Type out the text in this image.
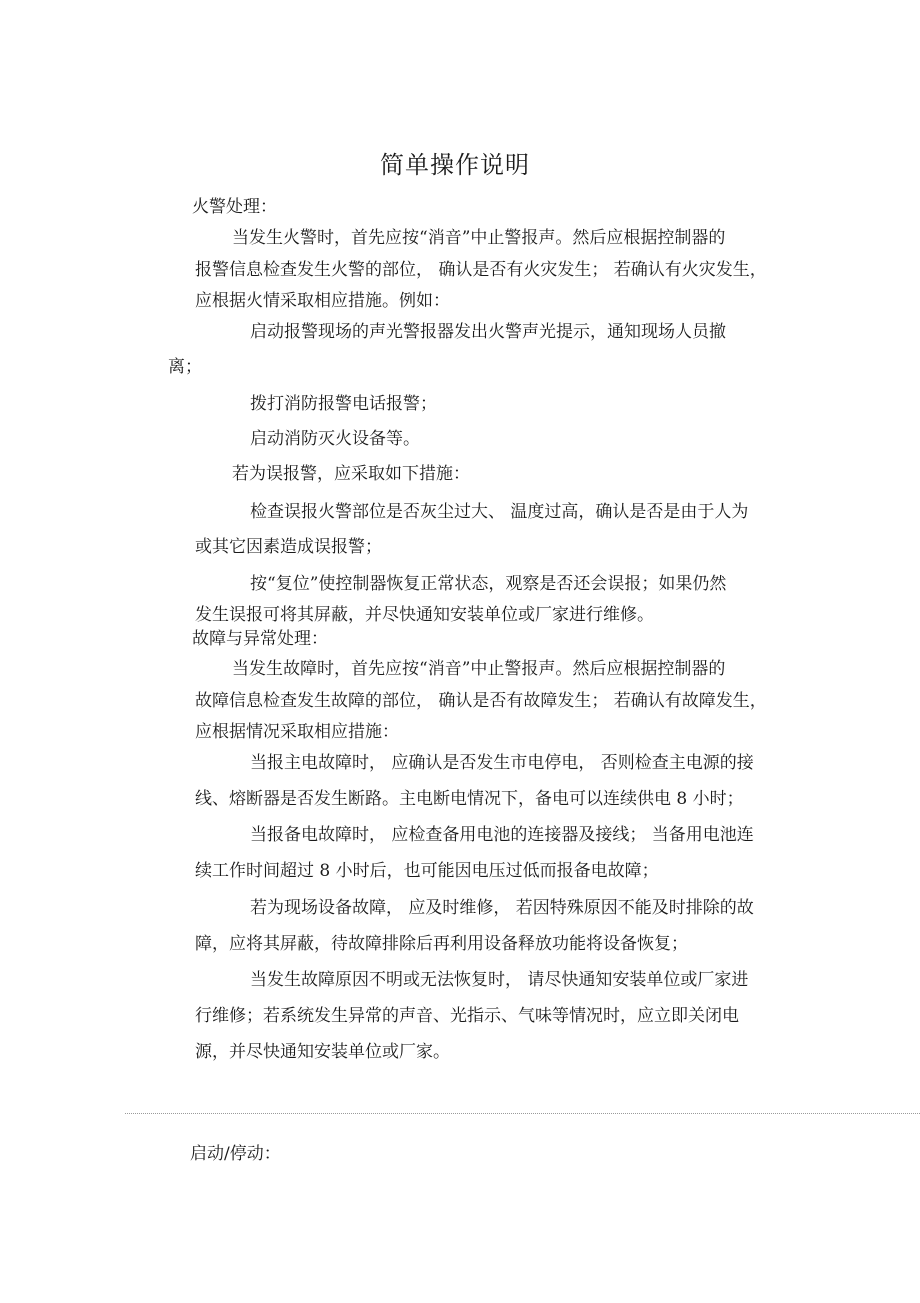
简单操作说明

火警处理：

当发生火警时，首先应按“消音”中止警报声。然后应根据控制器的

报警信息检查发生火警的部位， 确认是否有火灾发生； 若确认有火灾发生，

应根据火情采取相应措施。例如：

启动报警现场的声光警报器发出火警声光提示，通知现场人员撤

离；

拨打消防报警电话报警；

启动消防灭火设备等。

若为误报警，应采取如下措施：

检查误报火警部位是否灰尘过大、 温度过高，确认是否是由于人为

或其它因素造成误报警；

按“复位”使控制器恢复正常状态，观察是否还会误报；如果仍然

发生误报可将其屏蔽，并尽快通知安装单位或厂家进行维修。

故障与异常处理：

当发生故障时，首先应按“消音”中止警报声。然后应根据控制器的

故障信息检查发生故障的部位， 确认是否有故障发生； 若确认有故障发生，

应根据情况采取相应措施：

当报主电故障时， 应确认是否发生市电停电， 否则检查主电源的接

线、熔断器是否发生断路。主电断电情况下，备电可以连续供电 8 小时；

当报备电故障时， 应检查备用电池的连接器及接线； 当备用电池连

续工作时间超过 8 小时后，也可能因电压过低而报备电故障；

若为现场设备故障， 应及时维修， 若因特殊原因不能及时排除的故

障，应将其屏蔽，待故障排除后再利用设备释放功能将设备恢复；

当发生故障原因不明或无法恢复时， 请尽快通知安装单位或厂家进

行维修；若系统发生异常的声音、光指示、气味等情况时，应立即关闭电

源，并尽快通知安装单位或厂家。

启动/停动：
